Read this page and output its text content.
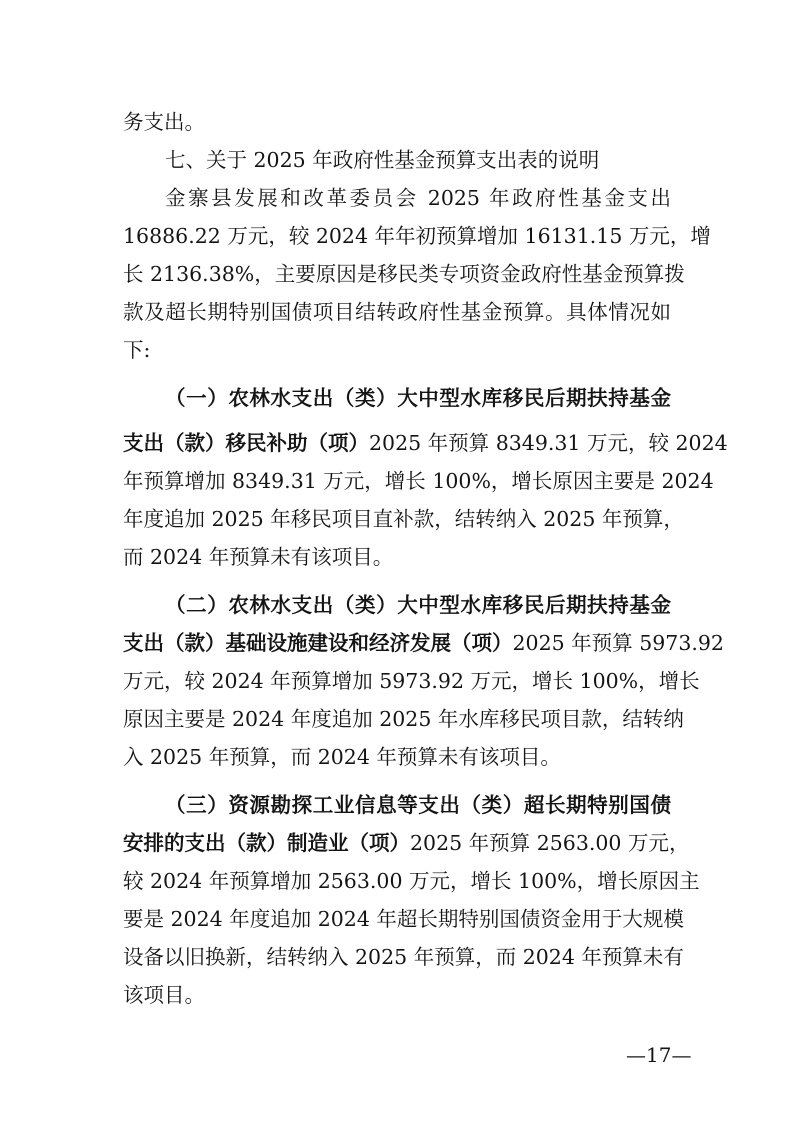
务支出。
七、关于 2025 年政府性基金预算支出表的说明
金寨县发展和改革委员会 2025 年政府性基金支出
16886.22 万元，较 2024 年年初预算增加 16131.15 万元，增
长 2136.38%，主要原因是移民类专项资金政府性基金预算拨
款及超长期特别国债项目结转政府性基金预算。具体情况如
下:
（一）农林水支出（类）大中型水库移民后期扶持基金
支出（款）移民补助（项）2025 年预算 8349.31 万元，较 2024
年预算增加 8349.31 万元，增长 100%，增长原因主要是 2024
年度追加 2025 年移民项目直补款，结转纳入 2025 年预算，
而 2024 年预算未有该项目。
（二）农林水支出（类）大中型水库移民后期扶持基金
支出（款）基础设施建设和经济发展（项）2025 年预算 5973.92
万元，较 2024 年预算增加 5973.92 万元，增长 100%，增长
原因主要是 2024 年度追加 2025 年水库移民项目款，结转纳
入 2025 年预算，而 2024 年预算未有该项目。
（三）资源勘探工业信息等支出（类）超长期特别国债
安排的支出（款）制造业（项）2025 年预算 2563.00 万元，
较 2024 年预算增加 2563.00 万元，增长 100%，增长原因主
要是 2024 年度追加 2024 年超长期特别国债资金用于大规模
设备以旧换新，结转纳入 2025 年预算，而 2024 年预算未有
该项目。
—17—
